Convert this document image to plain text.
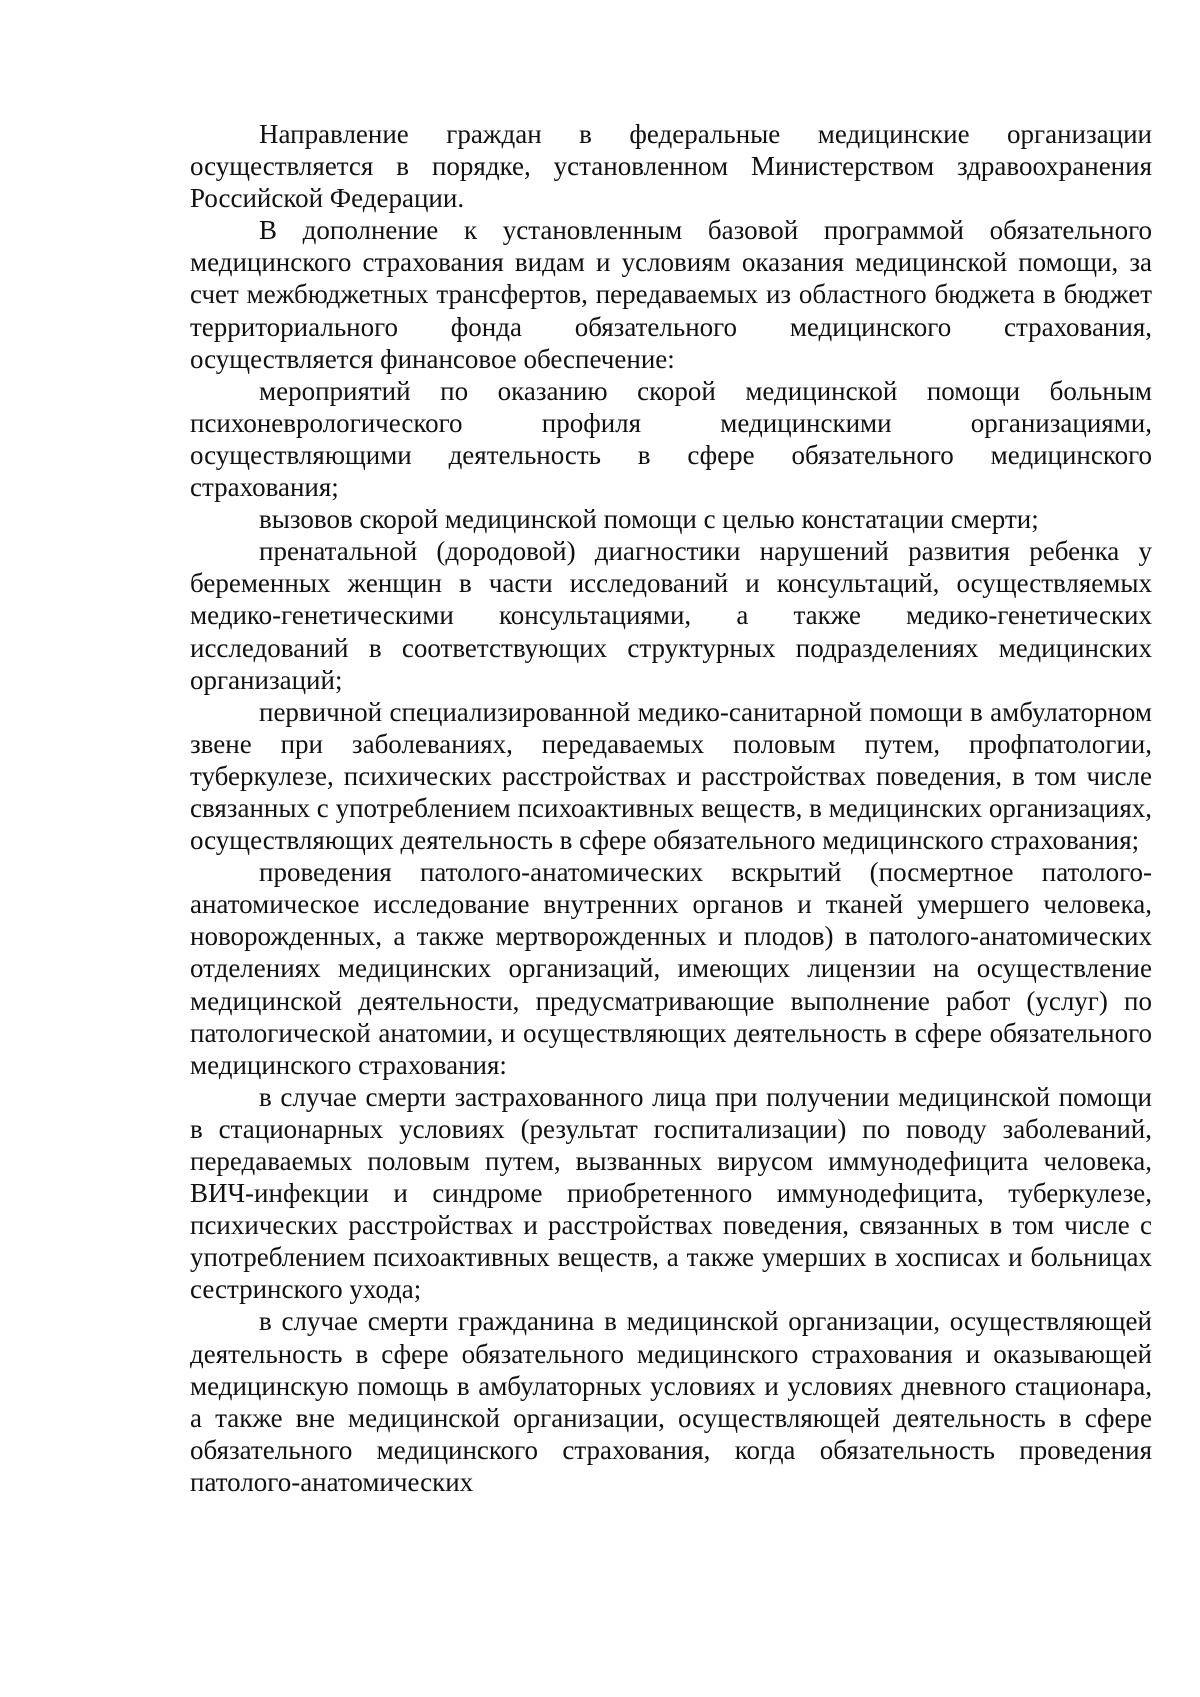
Направление граждан в федеральные медицинские организации осуществляется в порядке, установленном Министерством здравоохранения Российской Федерации.

В дополнение к установленным базовой программой обязательного медицинского страхования видам и условиям оказания медицинской помощи, за счет межбюджетных трансфертов, передаваемых из областного бюджета в бюджет территориального фонда обязательного медицинского страхования, осуществляется финансовое обеспечение:

мероприятий по оказанию скорой медицинской помощи больным психоневрологического профиля медицинскими организациями, осуществляющими деятельность в сфере обязательного медицинского страхования;

вызовов скорой медицинской помощи с целью констатации смерти;

пренатальной (дородовой) диагностики нарушений развития ребенка у беременных женщин в части исследований и консультаций, осуществляемых медико-генетическими консультациями, а также медико-генетических исследований в соответствующих структурных подразделениях медицинских организаций;

первичной специализированной медико-санитарной помощи в амбулаторном звене при заболеваниях, передаваемых половым путем, профпатологии, туберкулезе, психических расстройствах и расстройствах поведения, в том числе связанных с употреблением психоактивных веществ, в медицинских организациях, осуществляющих деятельность в сфере обязательного медицинского страхования;

проведения патолого-анатомических вскрытий (посмертное патолого-анатомическое исследование внутренних органов и тканей умершего человека, новорожденных, а также мертворожденных и плодов) в патолого-анатомических отделениях медицинских организаций, имеющих лицензии на осуществление медицинской деятельности, предусматривающие выполнение работ (услуг) по патологической анатомии, и осуществляющих деятельность в сфере обязательного медицинского страхования:

в случае смерти застрахованного лица при получении медицинской помощи в стационарных условиях (результат госпитализации) по поводу заболеваний, передаваемых половым путем, вызванных вирусом иммунодефицита человека, ВИЧ-инфекции и синдроме приобретенного иммунодефицита, туберкулезе, психических расстройствах и расстройствах поведения, связанных в том числе с употреблением психоактивных веществ, а также умерших в хосписах и больницах сестринского ухода;

в случае смерти гражданина в медицинской организации, осуществляющей деятельность в сфере обязательного медицинского страхования и оказывающей медицинскую помощь в амбулаторных условиях и условиях дневного стационара, а также вне медицинской организации, осуществляющей деятельность в сфере обязательного медицинского страхования, когда обязательность проведения патолого-анатомических
